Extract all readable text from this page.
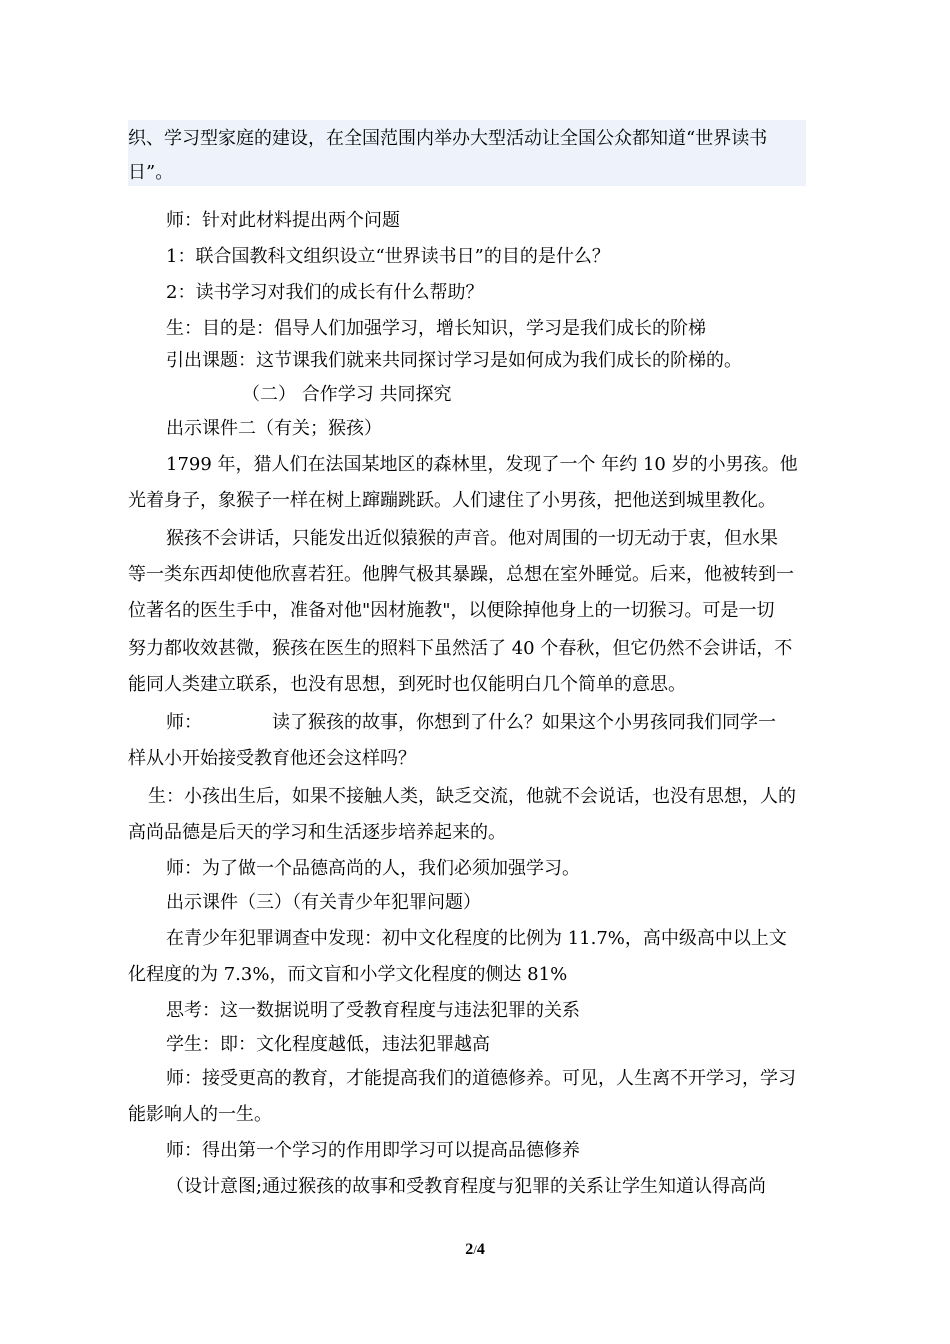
织、学习型家庭的建设，在全国范围内举办大型活动让全国公众都知道“世界读书
日”。
师：针对此材料提出两个问题
1：联合国教科文组织设立“世界读书日”的目的是什么？
2：读书学习对我们的成长有什么帮助？
生：目的是：倡导人们加强学习，增长知识，学习是我们成长的阶梯
引出课题：这节课我们就来共同探讨学习是如何成为我们成长的阶梯的。
（二） 合作学习 共同探究
出示课件二（有关；猴孩）
1799 年，猎人们在法国某地区的森林里，发现了一个 年约 10 岁的小男孩。他
光着身子，象猴子一样在树上蹿蹦跳跃。人们逮住了小男孩，把他送到城里教化。
猴孩不会讲话，只能发出近似猿猴的声音。他对周围的一切无动于衷，但水果
等一类东西却使他欣喜若狂。他脾气极其暴躁，总想在室外睡觉。后来，他被转到一
位著名的医生手中，准备对他"因材施教"，以便除掉他身上的一切猴习。可是一切
努力都收效甚微，猴孩在医生的照料下虽然活了 40 个春秋，但它仍然不会讲话，不
能同人类建立联系，也没有思想，到死时也仅能明白几个简单的意思。
师：	读了猴孩的故事，你想到了什么？如果这个小男孩同我们同学一
样从小开始接受教育他还会这样吗？
生：小孩出生后，如果不接触人类，缺乏交流，他就不会说话，也没有思想，人的
高尚品德是后天的学习和生活逐步培养起来的。
师：为了做一个品德高尚的人，我们必须加强学习。
出示课件（三）（有关青少年犯罪问题）
在青少年犯罪调查中发现：初中文化程度的比例为 11.7%，高中级高中以上文
化程度的为 7.3%，而文盲和小学文化程度的侧达 81%
思考：这一数据说明了受教育程度与违法犯罪的关系
学生：即：文化程度越低，违法犯罪越高
师：接受更高的教育，才能提高我们的道德修养。可见，人生离不开学习，学习
能影响人的一生。
师：得出第一个学习的作用即学习可以提高品德修养
（设计意图;通过猴孩的故事和受教育程度与犯罪的关系让学生知道认得高尚
2/4
